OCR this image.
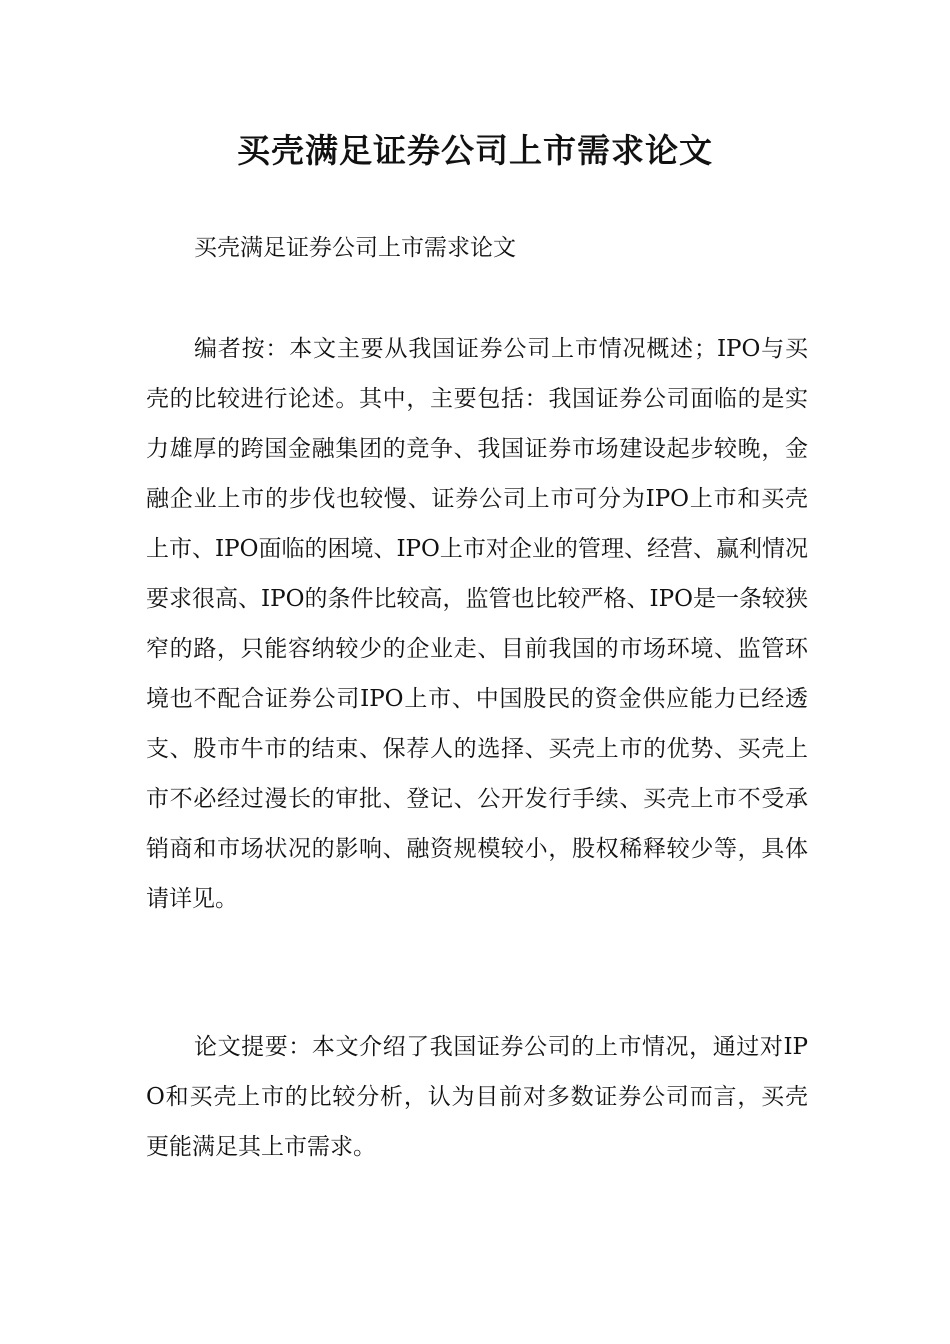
买壳满足证券公司上市需求论文

买壳满足证券公司上市需求论文

编者按：本文主要从我国证券公司上市情况概述；IPO与买壳的比较进行论述。其中，主要包括：我国证券公司面临的是实力雄厚的跨国金融集团的竞争、我国证券市场建设起步较晚，金融企业上市的步伐也较慢、证券公司上市可分为IPO上市和买壳上市、IPO面临的困境、IPO上市对企业的管理、经营、赢利情况要求很高、IPO的条件比较高，监管也比较严格、IPO是一条较狭窄的路，只能容纳较少的企业走、目前我国的市场环境、监管环境也不配合证券公司IPO上市、中国股民的资金供应能力已经透支、股市牛市的结束、保荐人的选择、买壳上市的优势、买壳上市不必经过漫长的审批、登记、公开发行手续、买壳上市不受承销商和市场状况的影响、融资规模较小，股权稀释较少等，具体请详见。

论文提要：本文介绍了我国证券公司的上市情况，通过对IPO和买壳上市的比较分析，认为目前对多数证券公司而言，买壳更能满足其上市需求。
